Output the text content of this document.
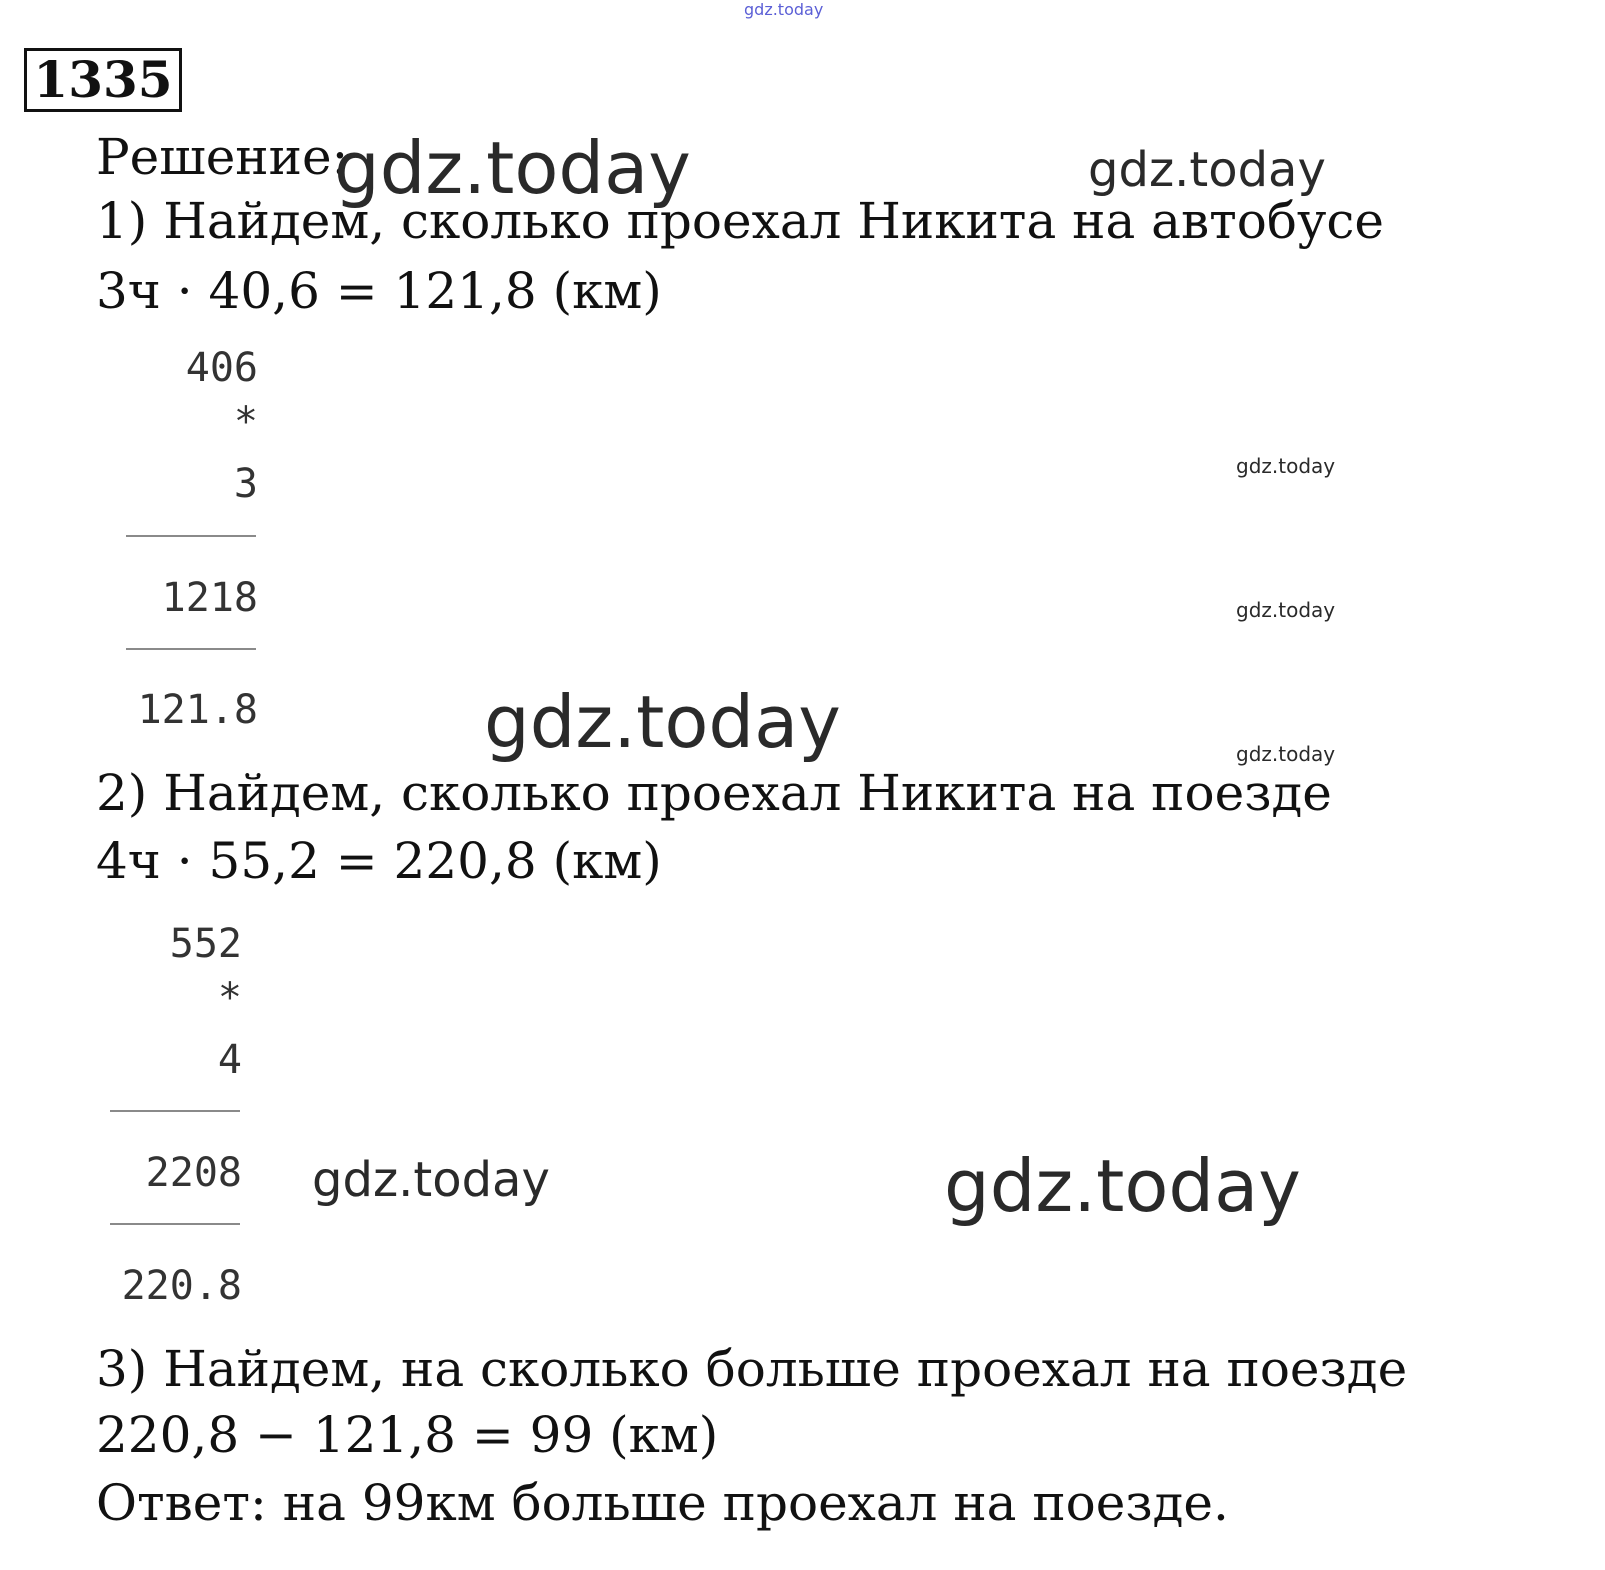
gdz.today
1335
Решение:
1) Найдем, сколько проехал Никита на автобусе
3ч · 40,6 = 121,8 (км)
406
*
3
1218
121.8
2) Найдем, сколько проехал Никита на поезде
4ч · 55,2 = 220,8 (км)
552
*
4
2208
220.8
3) Найдем, на сколько больше проехал на поезде
220,8 − 121,8 = 99 (км)
Ответ: на 99км больше проехал на поезде.
gdz.today	gdz.today
gdz.today
gdz.today
gdz.today	gdz.today
gdz.today	gdz.today
